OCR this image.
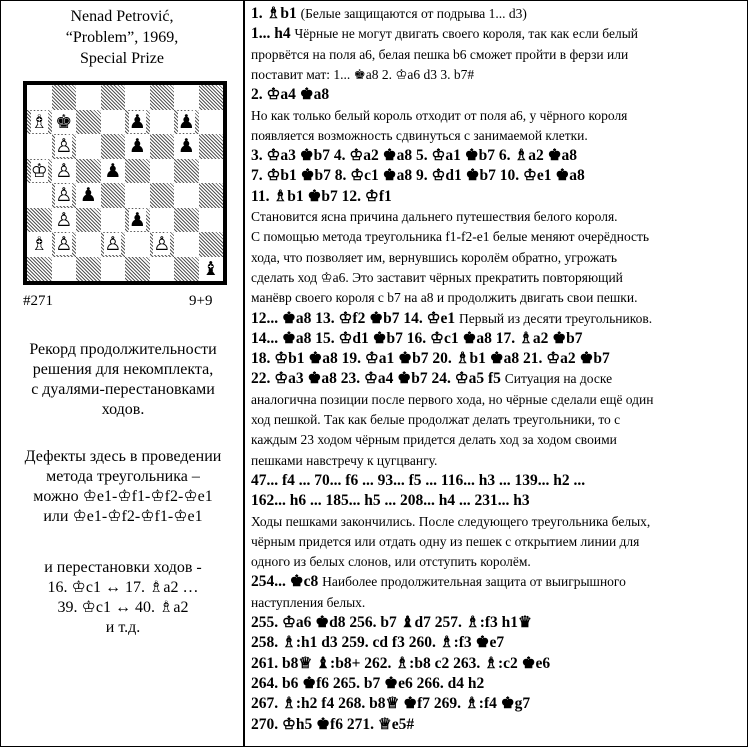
Nenad Petrović,
“Problem”, 1969,
Special Prize
♗ ♚	♟ ♟
♙	♟ ♟
♔ ♙ ♟
♙ ♟
♙	♟
♗ ♙ ♙ ♙
♝
#271	9+9
Рекорд продолжительности
решения для некомплекта,
с дуалями-перестановками
ходов.
Дефекты здесь в проведении
метода треугольника –
можно ♔e1-♔f1-♔f2-♔e1
или ♔e1-♔f2-♔f1-♔e1
и перестановки ходов -
16. ♔c1 ↔ 17. ♗a2 …
39. ♔c1 ↔ 40. ♗a2
и т.д.
1. ♗b1 (Белые защищаются от подрыва 1... d3)
1... h4 Чёрные не могут двигать своего короля, так как если белый
прорвётся на поля a6, белая пешка b6 сможет пройти в ферзи или
поставит мат: 1... ♚a8 2. ♔a6 d3 3. b7#
2. ♔a4 ♚a8
Но как только белый король отходит от поля a6, у чёрного короля
появляется возможность сдвинуться с занимаемой клетки.
3. ♔a3 ♚b7 4. ♔a2 ♚a8 5. ♔a1 ♚b7 6. ♗a2 ♚a8
7. ♔b1 ♚b7 8. ♔c1 ♚a8 9. ♔d1 ♚b7 10. ♔e1 ♚a8
11. ♗b1 ♚b7 12. ♔f1
Становится ясна причина дальнего путешествия белого короля.
С помощью метода треугольника f1-f2-e1 белые меняют очерёдность
хода, что позволяет им, вернувшись королём обратно, угрожать
сделать ход ♔a6. Это заставит чёрных прекратить повторяющий
манёвр своего короля с b7 на a8 и продолжить двигать свои пешки.
12... ♚a8 13. ♔f2 ♚b7 14. ♔e1 Первый из десяти треугольников.
14... ♚a8 15. ♔d1 ♚b7 16. ♔c1 ♚a8 17. ♗a2 ♚b7
18. ♔b1 ♚a8 19. ♔a1 ♚b7 20. ♗b1 ♚a8 21. ♔a2 ♚b7
22. ♔a3 ♚a8 23. ♔a4 ♚b7 24. ♔a5 f5 Ситуация на доске
аналогична позиции после первого хода, но чёрные сделали ещё один
ход пешкой. Так как белые продолжат делать треугольники, то с
каждым 23 ходом чёрным придется делать ход за ходом своими
пешками навстречу к цугцвангу.
47... f4 ... 70... f6 ... 93... f5 ... 116... h3 ... 139... h2 ...
162... h6 ... 185... h5 ... 208... h4 ... 231... h3
Ходы пешками закончились. После следующего треугольника белых,
чёрным придется или отдать одну из пешек с открытием линии для
одного из белых слонов, или отступить королём.
254... ♚c8 Наиболее продолжительная защита от выигрышного
наступления белых.
255. ♔a6 ♚d8 256. b7 ♝d7 257. ♗:f3 h1♛
258. ♗:h1 d3 259. cd f3 260. ♗:f3 ♚e7
261. b8♕ ♝:b8+ 262. ♗:b8 c2 263. ♗:c2 ♚e6
264. b6 ♚f6 265. b7 ♚e6 266. d4 h2
267. ♗:h2 f4 268. b8♕ ♚f7 269. ♗:f4 ♚g7
270. ♔h5 ♚f6 271. ♕e5#
